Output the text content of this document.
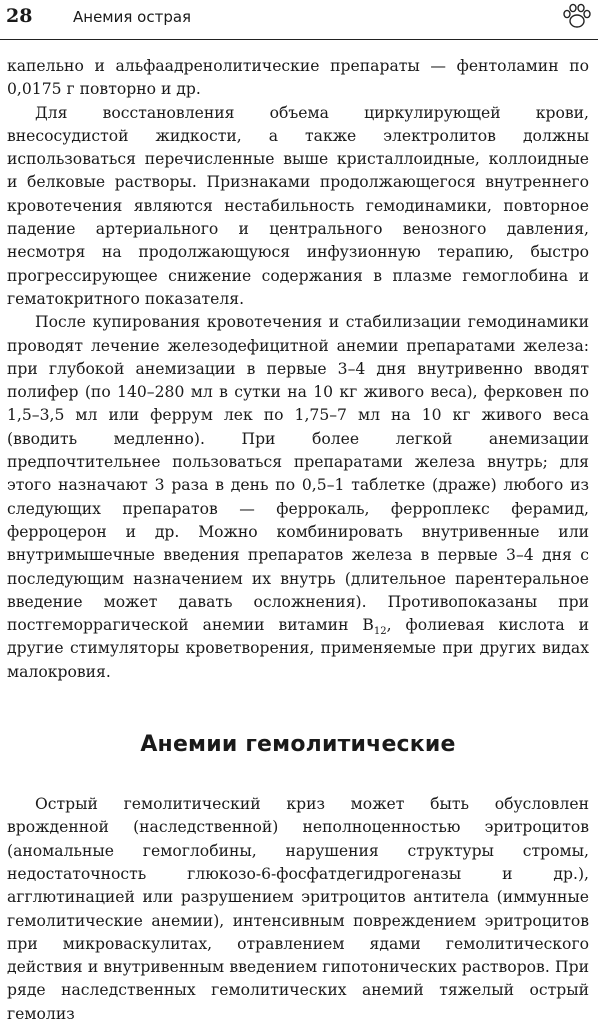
28	Анемия острая

капельно и альфаадренолитические препараты — фентоламин по 0,0175 г повторно и др.

Для восстановления объема циркулирующей крови, внесосудистой жидкости, а также электролитов должны использоваться перечисленные выше кристаллоидные, коллоидные и белковые растворы. Признаками продолжающегося внутреннего кровотечения являются нестабильность гемодинамики, повторное падение артериального и центрального венозного давления, несмотря на продолжающуюся инфузионную терапию, быстро прогрессирующее снижение содержания в плазме гемоглобина и гематокритного показателя.

После купирования кровотечения и стабилизации гемодинамики проводят лечение железодефицитной анемии препаратами железа: при глубокой анемизации в первые 3–4 дня внутривенно вводят полифер (по 140–280 мл в сутки на 10 кг живого веса), ферковен по 1,5–3,5 мл или феррум лек по 1,75–7 мл на 10 кг живого веса (вводить медленно). При более легкой анемизации предпочтительнее пользоваться препаратами железа внутрь; для этого назначают 3 раза в день по 0,5–1 таблетке (драже) любого из следующих препаратов — феррокаль, ферроплекс ферамид, ферроцерон и др. Можно комбинировать внутривенные или внутримышечные введения препаратов железа в первые 3–4 дня с последующим назначением их внутрь (длительное парентеральное введение может давать осложнения). Противопоказаны при постгеморрагической анемии витамин $B_{12}$, фолиевая кислота и другие стимуляторы кроветворения, применяемые при других видах малокровия.

Анемии гемолитические

Острый гемолитический криз может быть обусловлен врожденной (наследственной) неполноценностью эритроцитов (аномальные гемоглобины, нарушения структуры стромы, недостаточность глюкозо-6-фосфатдегидрогеназы и др.), агглютинацией или разрушением эритроцитов антитела (иммунные гемолитические анемии), интенсивным повреждением эритроцитов при микроваскулитах, отравлением ядами гемолитического действия и внутривенным введением гипотонических растворов. При ряде наследственных гемолитических анемий тяжелый острый гемолиз
